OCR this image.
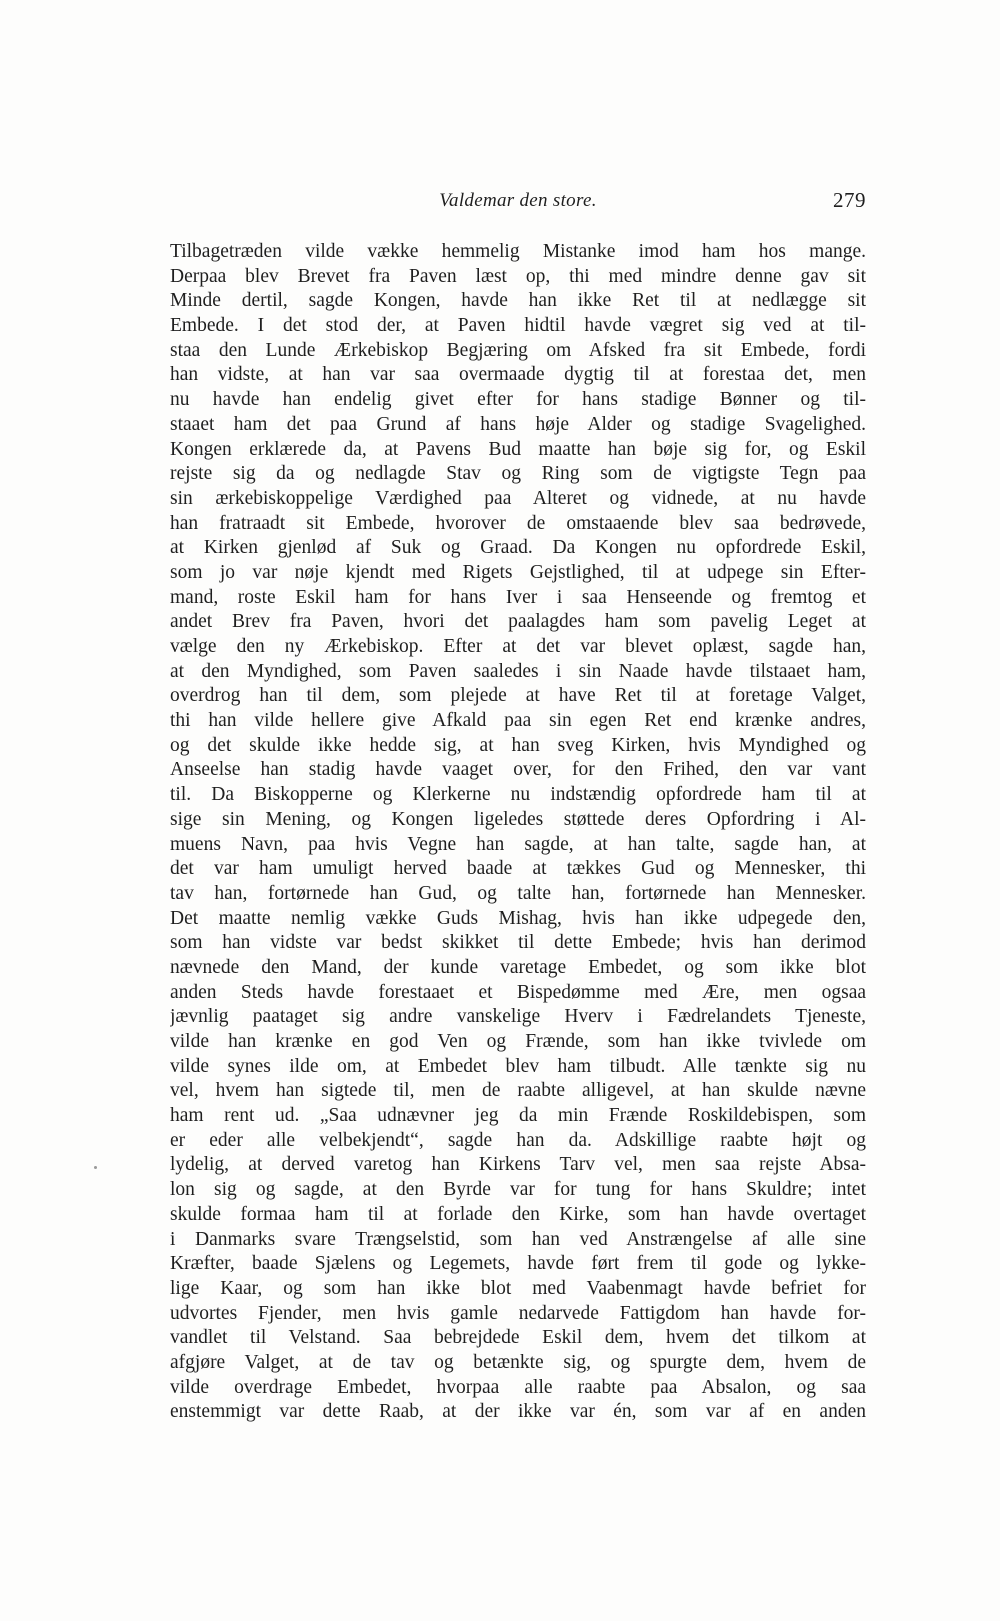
Valdemar den store.	279
Tilbagetræden vilde vække hemmelig Mistanke imod ham hos mange.
Derpaa blev Brevet fra Paven læst op, thi med mindre denne gav sit
Minde dertil, sagde Kongen, havde han ikke Ret til at nedlægge sit
Embede. I det stod der, at Paven hidtil havde vægret sig ved at til-
staa den Lunde Ærkebiskop Begjæring om Afsked fra sit Embede, fordi
han vidste, at han var saa overmaade dygtig til at forestaa det, men
nu havde han endelig givet efter for hans stadige Bønner og til-
staaet ham det paa Grund af hans høje Alder og stadige Svagelighed.
Kongen erklærede da, at Pavens Bud maatte han bøje sig for, og Eskil
rejste sig da og nedlagde Stav og Ring som de vigtigste Tegn paa
sin ærkebiskoppelige Værdighed paa Alteret og vidnede, at nu havde
han fratraadt sit Embede, hvorover de omstaaende blev saa bedrøvede,
at Kirken gjenlød af Suk og Graad. Da Kongen nu opfordrede Eskil,
som jo var nøje kjendt med Rigets Gejstlighed, til at udpege sin Efter-
mand, roste Eskil ham for hans Iver i saa Henseende og fremtog et
andet Brev fra Paven, hvori det paalagdes ham som pavelig Leget at
vælge den ny Ærkebiskop. Efter at det var blevet oplæst, sagde han,
at den Myndighed, som Paven saaledes i sin Naade havde tilstaaet ham,
overdrog han til dem, som plejede at have Ret til at foretage Valget,
thi han vilde hellere give Afkald paa sin egen Ret end krænke andres,
og det skulde ikke hedde sig, at han sveg Kirken, hvis Myndighed og
Anseelse han stadig havde vaaget over, for den Frihed, den var vant
til. Da Biskopperne og Klerkerne nu indstændig opfordrede ham til at
sige sin Mening, og Kongen ligeledes støttede deres Opfordring i Al-
muens Navn, paa hvis Vegne han sagde, at han talte, sagde han, at
det var ham umuligt herved baade at tækkes Gud og Mennesker, thi
tav han, fortørnede han Gud, og talte han, fortørnede han Mennesker.
Det maatte nemlig vække Guds Mishag, hvis han ikke udpegede den,
som han vidste var bedst skikket til dette Embede; hvis han derimod
nævnede den Mand, der kunde varetage Embedet, og som ikke blot
anden Steds havde forestaaet et Bispedømme med Ære, men ogsaa
jævnlig paataget sig andre vanskelige Hverv i Fædrelandets Tjeneste,
vilde han krænke en god Ven og Frænde, som han ikke tvivlede om
vilde synes ilde om, at Embedet blev ham tilbudt. Alle tænkte sig nu
vel, hvem han sigtede til, men de raabte alligevel, at han skulde nævne
ham rent ud. „Saa udnævner jeg da min Frænde Roskildebispen, som
er eder alle velbekjendt“, sagde han da. Adskillige raabte højt og
lydelig, at derved varetog han Kirkens Tarv vel, men saa rejste Absa-
lon sig og sagde, at den Byrde var for tung for hans Skuldre; intet
skulde formaa ham til at forlade den Kirke, som han havde overtaget
i Danmarks svare Trængselstid, som han ved Anstrængelse af alle sine
Kræfter, baade Sjælens og Legemets, havde ført frem til gode og lykke-
lige Kaar, og som han ikke blot med Vaabenmagt havde befriet for
udvortes Fjender, men hvis gamle nedarvede Fattigdom han havde for-
vandlet til Velstand. Saa bebrejdede Eskil dem, hvem det tilkom at
afgjøre Valget, at de tav og betænkte sig, og spurgte dem, hvem de
vilde overdrage Embedet, hvorpaa alle raabte paa Absalon, og saa
enstemmigt var dette Raab, at der ikke var én, som var af en anden
